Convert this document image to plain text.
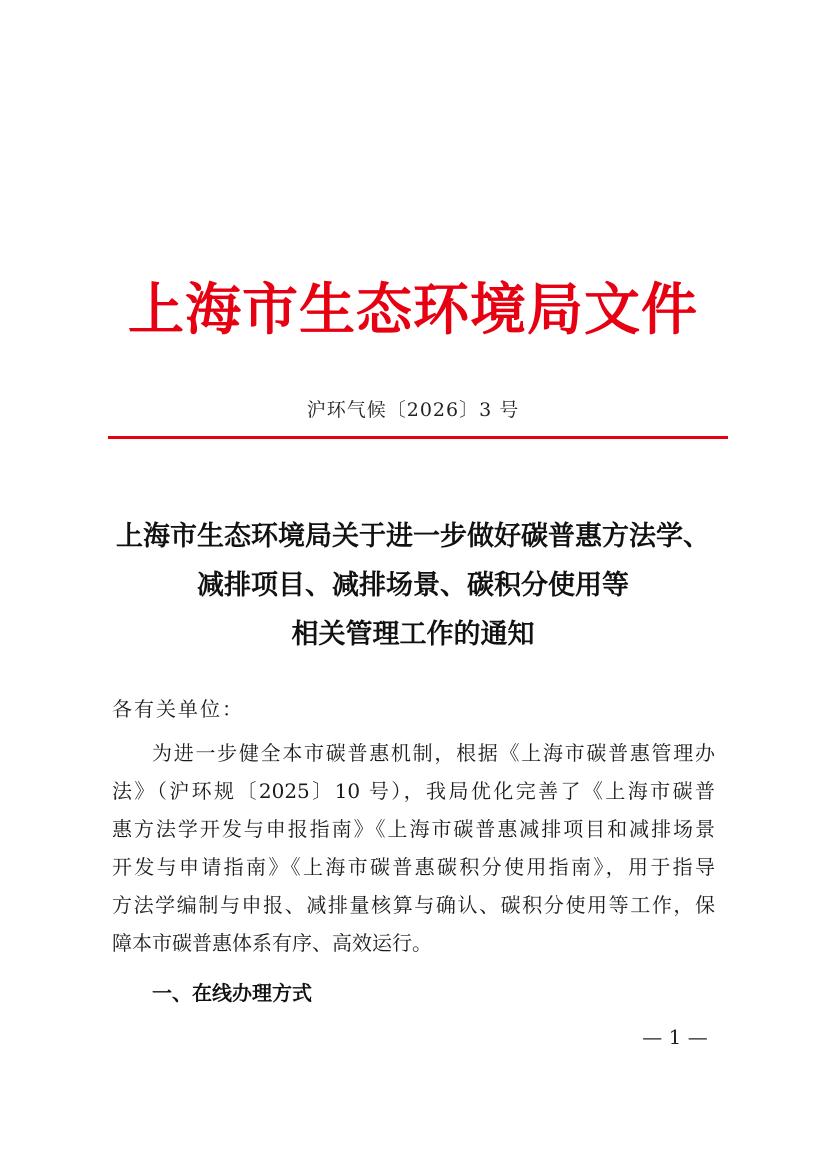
上海市生态环境局文件
沪环气候〔2026〕3 号
上海市生态环境局关于进一步做好碳普惠方法学、
减排项目、减排场景、碳积分使用等
相关管理工作的通知
各有关单位：
为进一步健全本市碳普惠机制，根据《上海市碳普惠管理办
法》（沪环规〔2025〕10 号），我局优化完善了《上海市碳普
惠方法学开发与申报指南》《上海市碳普惠减排项目和减排场景
开发与申请指南》《上海市碳普惠碳积分使用指南》，用于指导
方法学编制与申报、减排量核算与确认、碳积分使用等工作，保
障本市碳普惠体系有序、高效运行。
一、在线办理方式
— 1 —
